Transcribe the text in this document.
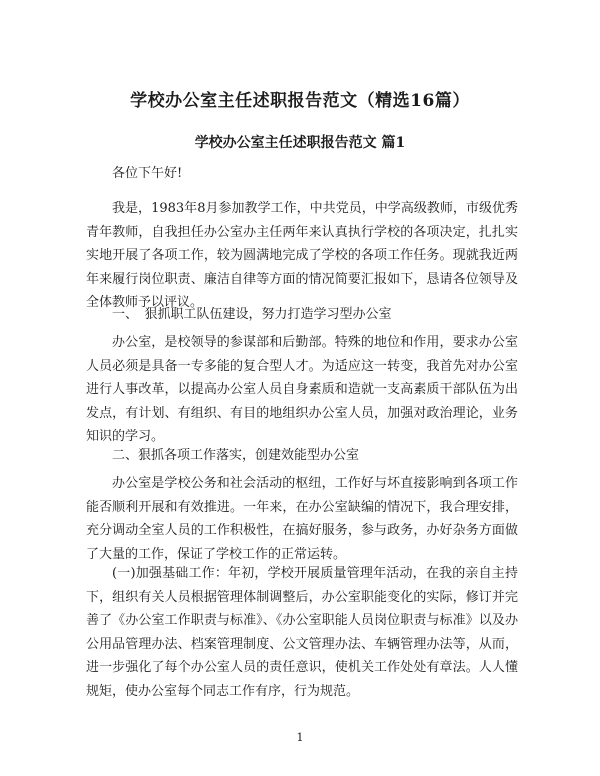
学校办公室主任述职报告范文（精选16篇）
学校办公室主任述职报告范文 篇1

各位下午好!

我是，1983年8月参加教学工作，中共党员，中学高级教师，市级优秀青年教师，自我担任办公室办主任两年来认真执行学校的各项决定，扎扎实实地开展了各项工作，较为圆满地完成了学校的各项工作任务。现就我近两年来履行岗位职责、廉洁自律等方面的情况简要汇报如下，恳请各位领导及全体教师予以评议。

一、　狠抓职工队伍建设，努力打造学习型办公室

办公室，是校领导的参谋部和后勤部。特殊的地位和作用，要求办公室人员必须是具备一专多能的复合型人才。为适应这一转变，我首先对办公室进行人事改革，以提高办公室人员自身素质和造就一支高素质干部队伍为出发点，有计划、有组织、有目的地组织办公室人员，加强对政治理论，业务知识的学习。

二、狠抓各项工作落实，创建效能型办公室

办公室是学校公务和社会活动的枢纽，工作好与坏直接影响到各项工作能否顺利开展和有效推进。一年来，在办公室缺编的情况下，我合理安排，充分调动全室人员的工作积极性，在搞好服务，参与政务，办好杂务方面做了大量的工作，保证了学校工作的正常运转。

(一)加强基础工作：年初，学校开展质量管理年活动，在我的亲自主持下，组织有关人员根据管理体制调整后，办公室职能变化的实际，修订并完善了《办公室工作职责与标准》、《办公室职能人员岗位职责与标准》以及办公用品管理办法、档案管理制度、公文管理办法、车辆管理办法等，从而，进一步强化了每个办公室人员的责任意识，使机关工作处处有章法。人人懂规矩，使办公室每个同志工作有序，行为规范。

1
